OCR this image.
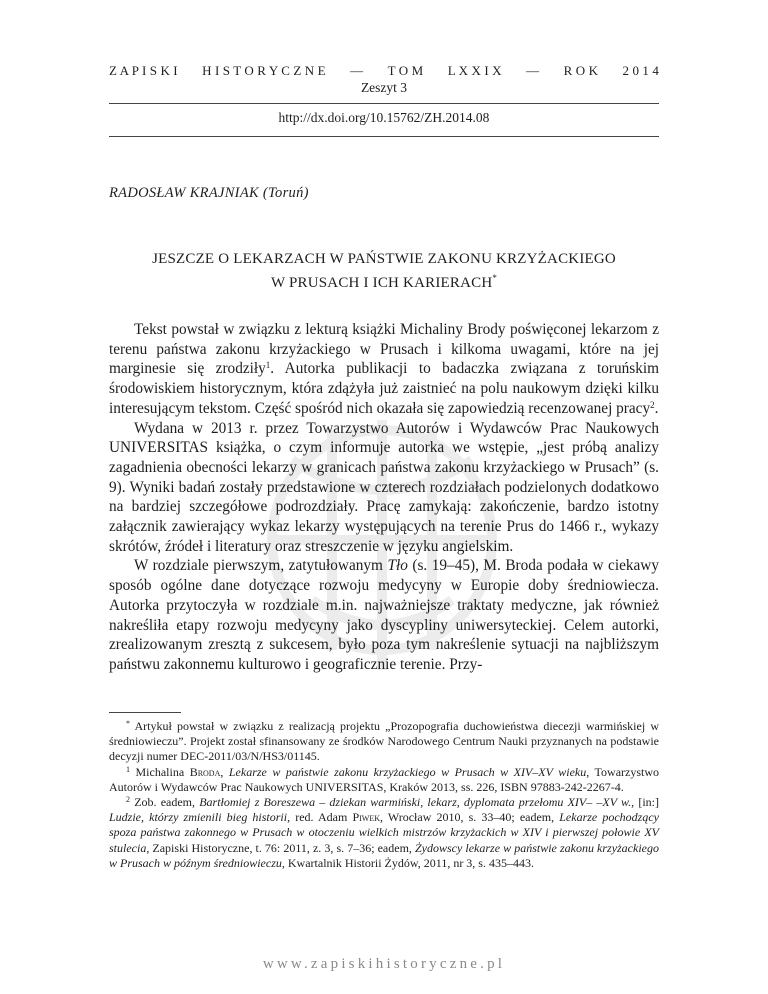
Z A P I S K I H I S T O R Y C Z N E — T O M L X X I X — R O K 2 0 1 4
Zeszyt 3
http://dx.doi.org/10.15762/ZH.2014.08
RADOSŁAW KRAJNIAK (Toruń)
JESZCZE O LEKARZACH W PAŃSTWIE ZAKONU KRZYŻACKIEGO
W PRUSACH I ICH KARIERACH*

Tekst powstał w związku z lekturą książki Michaliny Brody poświęconej lekarzom z terenu państwa zakonu krzyżackiego w Prusach i kilkoma uwagami, które na jej marginesie się zrodziły$^1$. Autorka publikacji to badaczka związana z toruńskim środowiskiem historycznym, która zdążyła już zaistnieć na polu naukowym dzięki kilku interesującym tekstom. Część spośród nich okazała się zapowiedzią recenzowanej pracy$^2$.

Wydana w 2013 r. przez Towarzystwo Autorów i Wydawców Prac Naukowych UNIVERSITAS książka, o czym informuje autorka we wstępie, „jest próbą analizy zagadnienia obecności lekarzy w granicach państwa zakonu krzyżackiego w Prusach” (s. 9). Wyniki badań zostały przedstawione w czterech rozdziałach podzielonych dodatkowo na bardziej szczegółowe podrozdziały. Pracę zamykają: zakończenie, bardzo istotny załącznik zawierający wykaz lekarzy występujących na terenie Prus do 1466 r., wykazy skrótów, źródeł i literatury oraz streszczenie w języku angielskim.

W rozdziale pierwszym, zatytułowanym Tło (s. 19–45), M. Broda podała w ciekawy sposób ogólne dane dotyczące rozwoju medycyny w Europie doby średniowiecza. Autorka przytoczyła w rozdziale m.in. najważniejsze traktaty medyczne, jak również nakreśliła etapy rozwoju medycyny jako dyscypliny uniwersyteckiej. Celem autorki, zrealizowanym zresztą z sukcesem, było poza tym nakreślenie sytuacji na najbliższym państwu zakonnemu kulturowo i geograficznie terenie. Przy-

* Artykuł powstał w związku z realizacją projektu „Prozopografia duchowieństwa diecezji warmińskiej w średniowieczu”. Projekt został sfinansowany ze środków Narodowego Centrum Nauki przyznanych na podstawie decyzji numer DEC-2011/03/N/HS3/01145.

$^1$ Michalina Broda, Lekarze w państwie zakonu krzyżackiego w Prusach w XIV–XV wieku, Towarzystwo Autorów i Wydawców Prac Naukowych UNIVERSITAS, Kraków 2013, ss. 226, ISBN 97883-242-2267-4.

$^2$ Zob. eadem, Bartłomiej z Boreszewa – dziekan warmiński, lekarz, dyplomata przełomu XIV– –XV w., [in:] Ludzie, którzy zmienili bieg historii, red. Adam Piwek, Wrocław 2010, s. 33–40; eadem, Lekarze pochodzący spoza państwa zakonnego w Prusach w otoczeniu wielkich mistrzów krzyżackich w XIV i pierwszej połowie XV stulecia, Zapiski Historyczne, t. 76: 2011, z. 3, s. 7–36; eadem, Żydowscy lekarze w państwie zakonu krzyżackiego w Prusach w późnym średniowieczu, Kwartalnik Historii Żydów, 2011, nr 3, s. 435–443.

www.zapiskihistoryczne.pl
